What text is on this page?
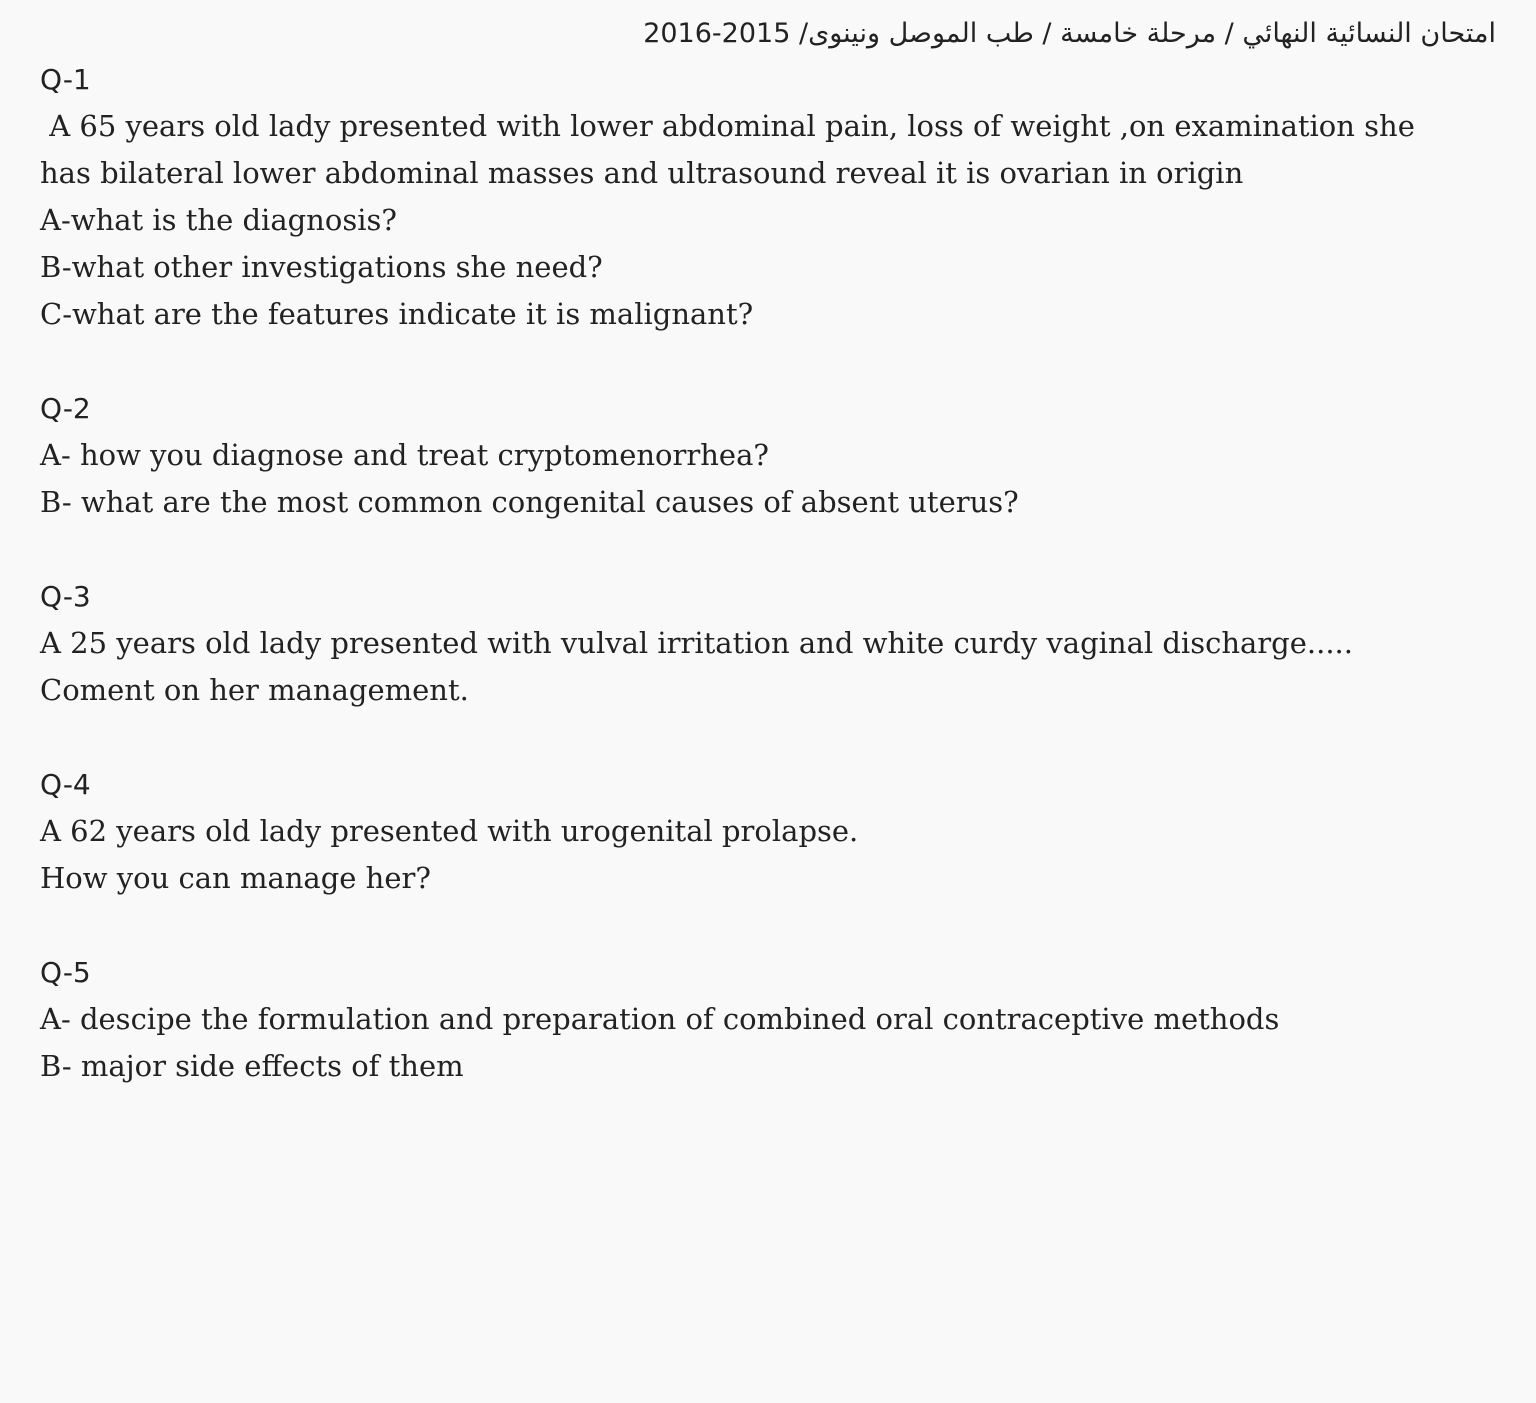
امتحان النسائية النهائي / مرحلة خامسة / طب الموصل ونينوى/ 2015-2016
Q-1
A 65 years old lady presented with lower abdominal pain, loss of weight ,on examination she
has bilateral lower abdominal masses and ultrasound reveal it is ovarian in origin
A-what is the diagnosis?
B-what other investigations she need?
C-what are the features indicate it is malignant?
Q-2
A- how you diagnose and treat cryptomenorrhea?
B- what are the most common congenital causes of absent uterus?
Q-3
A 25 years old lady presented with vulval irritation and white curdy vaginal discharge.....
Coment on her management.
Q-4
A 62 years old lady presented with urogenital prolapse.
How you can manage her?
Q-5
A- descipe the formulation and preparation of combined oral contraceptive methods
B- major side effects of them
